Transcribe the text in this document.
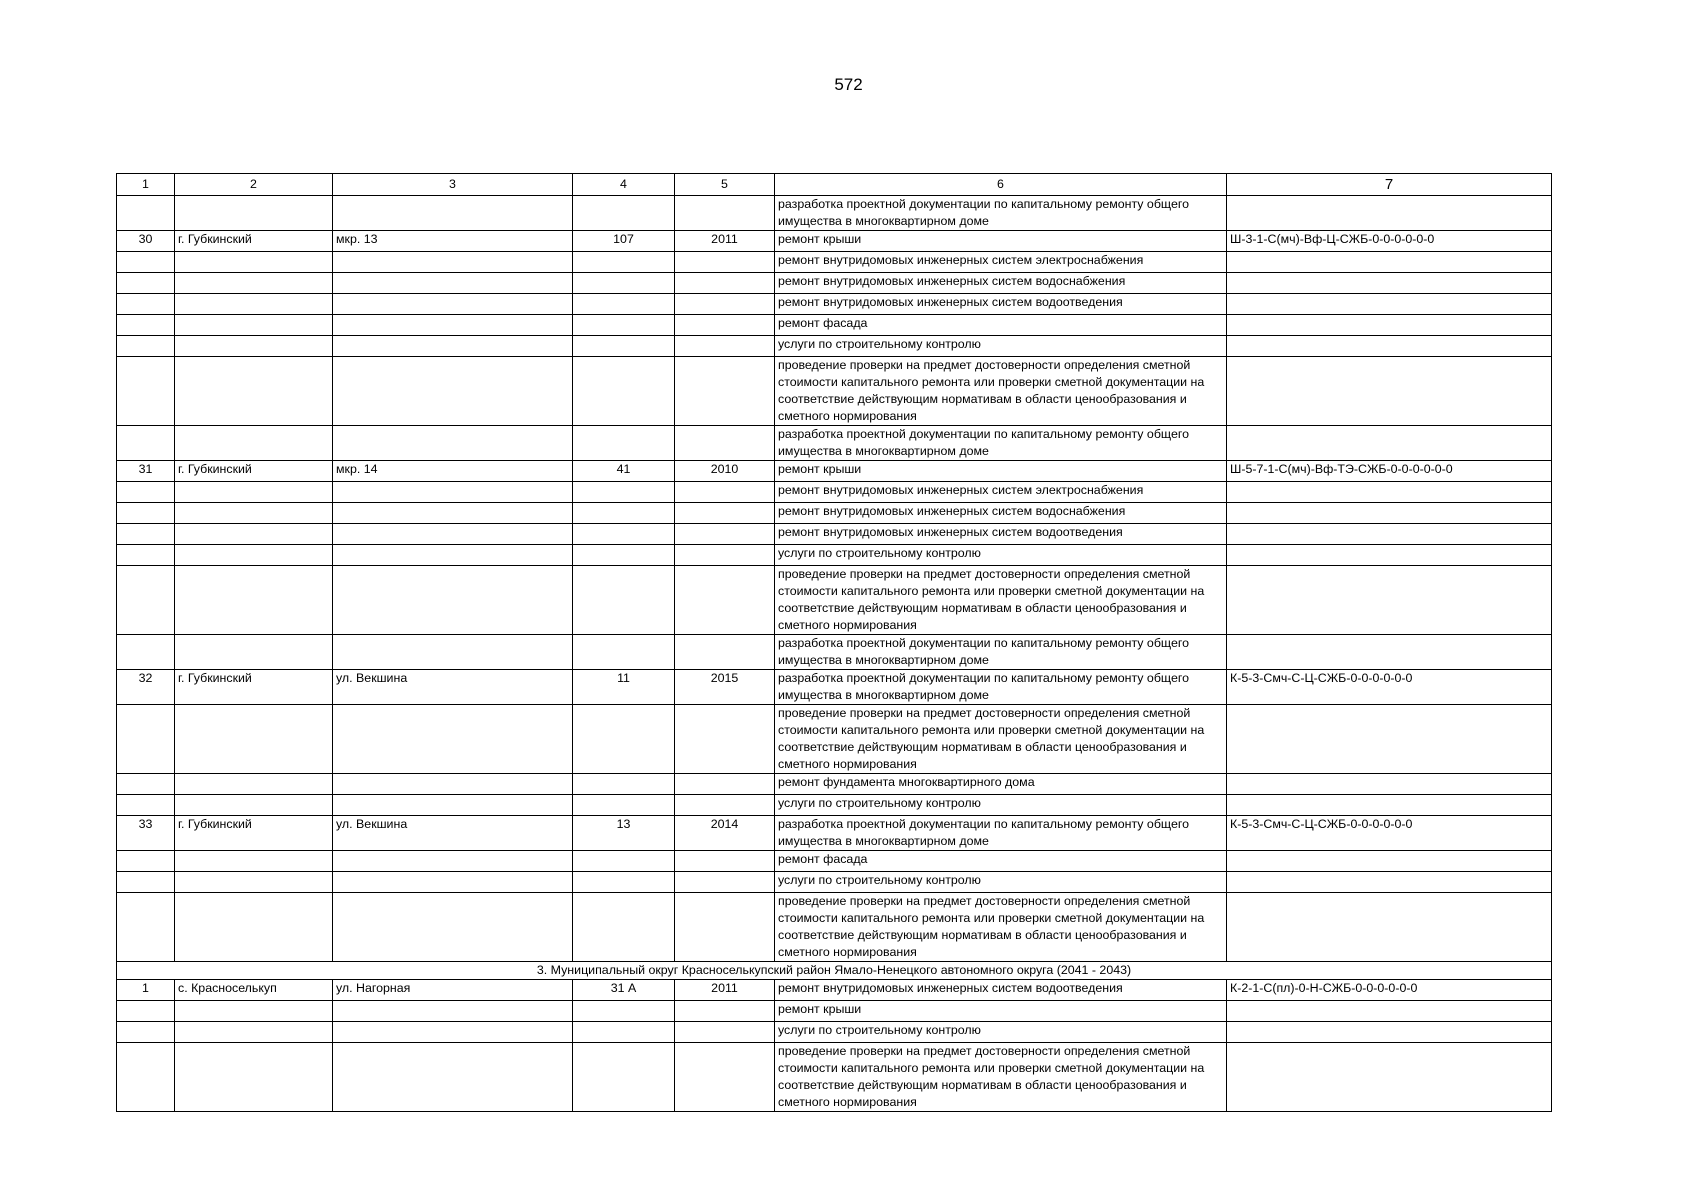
572
1	2	3	4	5	6	7
					разработка проектной документации по капитальному ремонту общего имущества в многоквартирном доме	
30	г. Губкинский	мкр. 13	107	2011	ремонт крыши	Ш-3-1-С(мч)-Вф-Ц-СЖБ-0-0-0-0-0-0
					ремонт внутридомовых инженерных систем электроснабжения	
					ремонт внутридомовых инженерных систем водоснабжения	
					ремонт внутридомовых инженерных систем водоотведения	
					ремонт фасада	
					услуги по строительному контролю	
					проведение проверки на предмет достоверности определения сметной стоимости капитального ремонта или проверки сметной документации на соответствие действующим нормативам в области ценообразования и сметного нормирования	
					разработка проектной документации по капитальному ремонту общего имущества в многоквартирном доме	
31	г. Губкинский	мкр. 14	41	2010	ремонт крыши	Ш-5-7-1-С(мч)-Вф-ТЭ-СЖБ-0-0-0-0-0-0
					ремонт внутридомовых инженерных систем электроснабжения	
					ремонт внутридомовых инженерных систем водоснабжения	
					ремонт внутридомовых инженерных систем водоотведения	
					услуги по строительному контролю	
					проведение проверки на предмет достоверности определения сметной стоимости капитального ремонта или проверки сметной документации на соответствие действующим нормативам в области ценообразования и сметного нормирования	
					разработка проектной документации по капитальному ремонту общего имущества в многоквартирном доме	
32	г. Губкинский	ул. Векшина	11	2015	разработка проектной документации по капитальному ремонту общего имущества в многоквартирном доме	К-5-3-Смч-С-Ц-СЖБ-0-0-0-0-0-0
					проведение проверки на предмет достоверности определения сметной стоимости капитального ремонта или проверки сметной документации на соответствие действующим нормативам в области ценообразования и сметного нормирования	
					ремонт фундамента многоквартирного дома	
					услуги по строительному контролю	
33	г. Губкинский	ул. Векшина	13	2014	разработка проектной документации по капитальному ремонту общего имущества в многоквартирном доме	К-5-3-Смч-С-Ц-СЖБ-0-0-0-0-0-0
					ремонт фасада	
					услуги по строительному контролю	
					проведение проверки на предмет достоверности определения сметной стоимости капитального ремонта или проверки сметной документации на соответствие действующим нормативам в области ценообразования и сметного нормирования	
3. Муниципальный округ Красноселькупский район Ямало-Ненецкого автономного округа (2041 - 2043)						
1	с. Красноселькуп	ул. Нагорная	31 А	2011	ремонт внутридомовых инженерных систем водоотведения	К-2-1-С(пл)-0-Н-СЖБ-0-0-0-0-0-0
					ремонт крыши	
					услуги по строительному контролю	
					проведение проверки на предмет достоверности определения сметной стоимости капитального ремонта или проверки сметной документации на соответствие действующим нормативам в области ценообразования и сметного нормирования	
